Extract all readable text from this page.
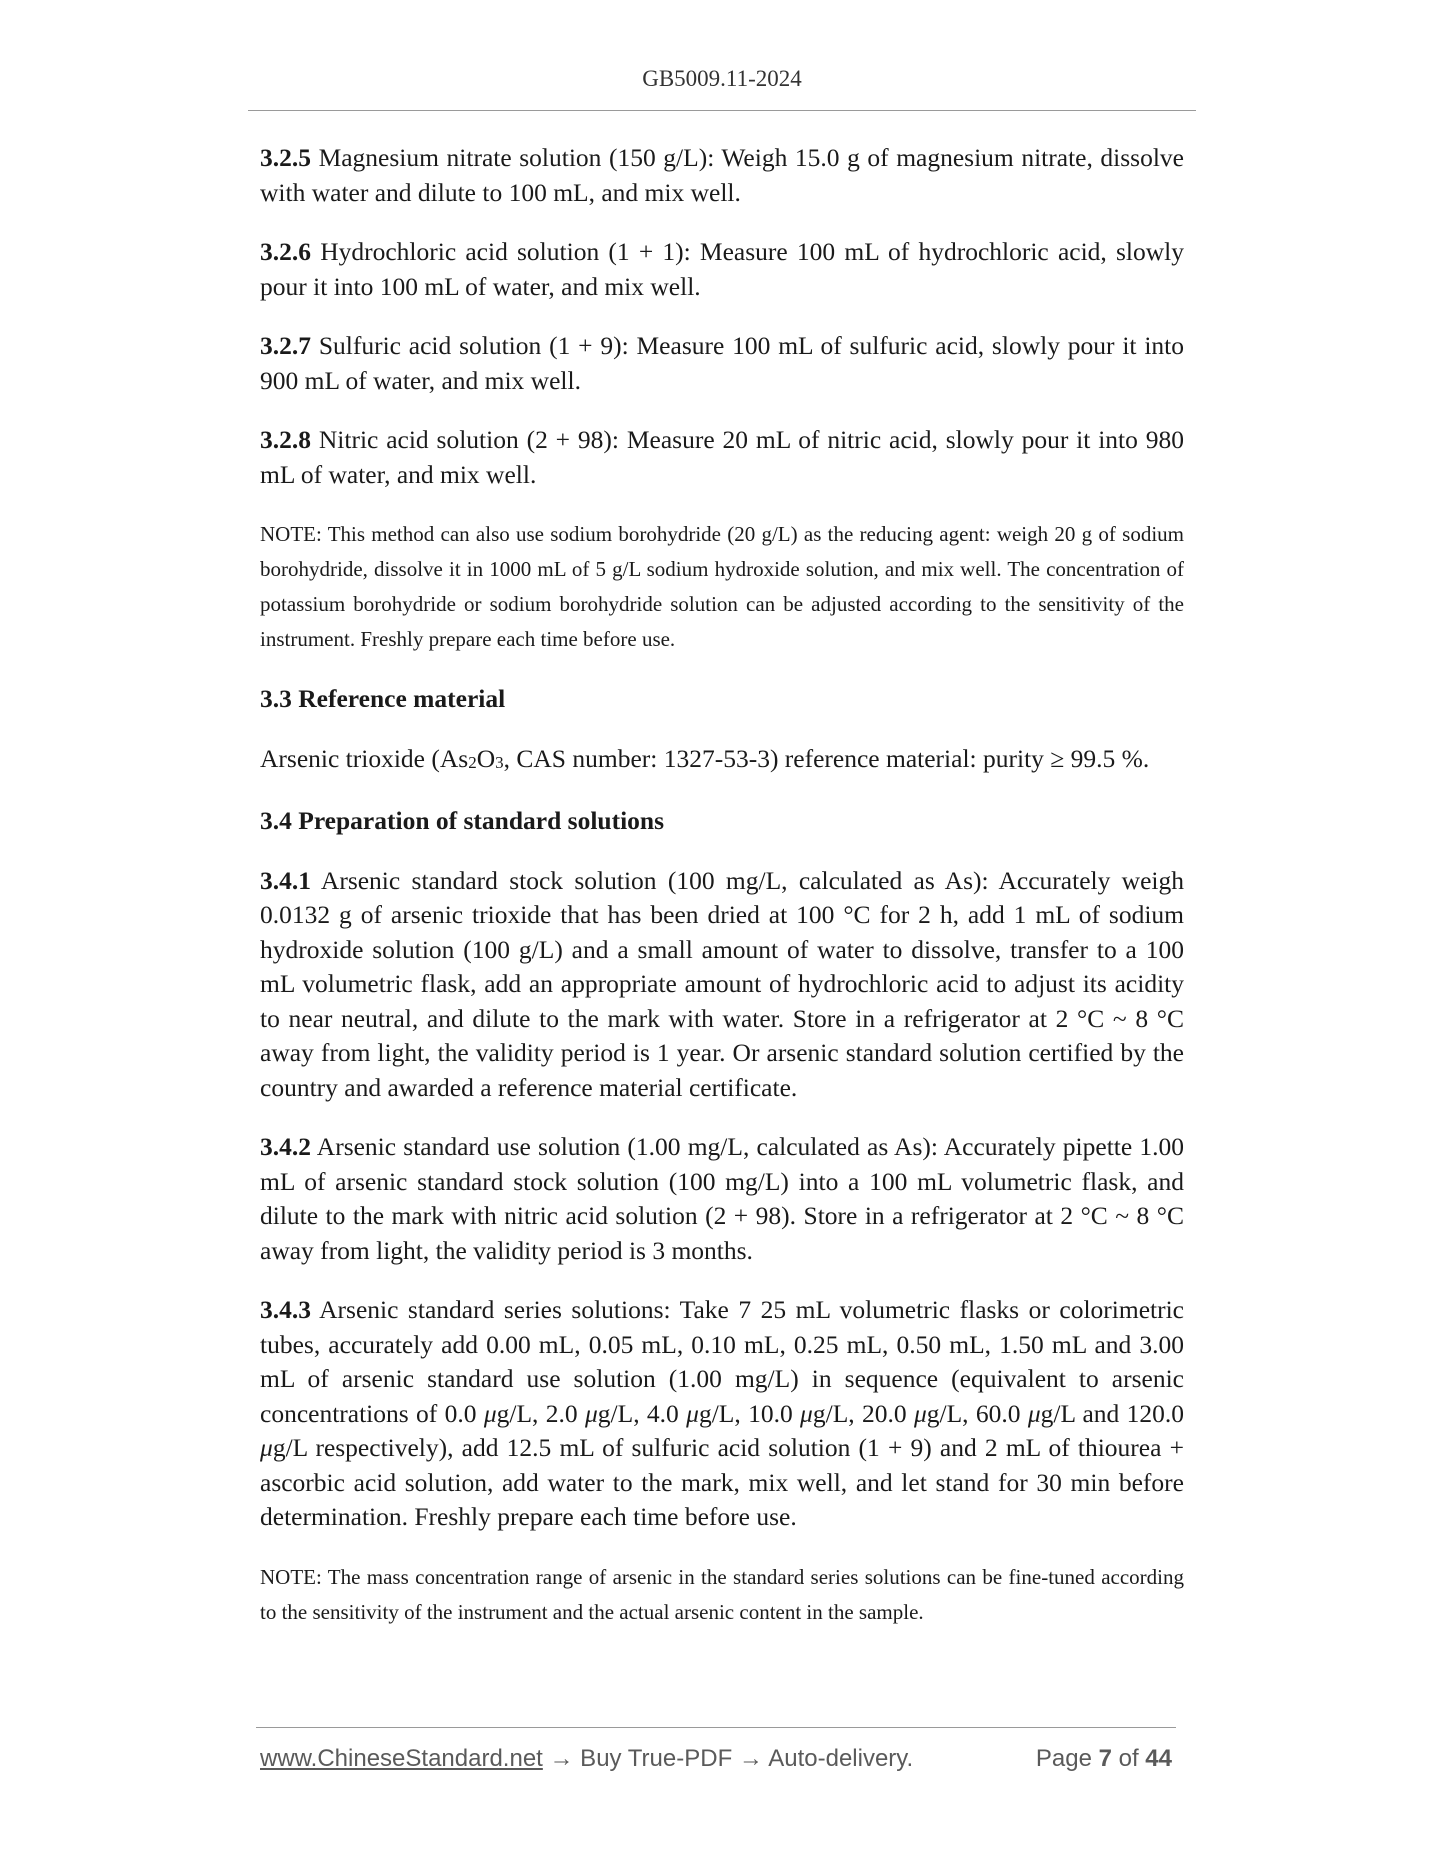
GB5009.11-2024

3.2.5 Magnesium nitrate solution (150 g/L): Weigh 15.0 g of magnesium nitrate, dissolve with water and dilute to 100 mL, and mix well.

3.2.6 Hydrochloric acid solution (1 + 1): Measure 100 mL of hydrochloric acid, slowly pour it into 100 mL of water, and mix well.

3.2.7 Sulfuric acid solution (1 + 9): Measure 100 mL of sulfuric acid, slowly pour it into 900 mL of water, and mix well.

3.2.8 Nitric acid solution (2 + 98): Measure 20 mL of nitric acid, slowly pour it into 980 mL of water, and mix well.

NOTE: This method can also use sodium borohydride (20 g/L) as the reducing agent: weigh 20 g of sodium borohydride, dissolve it in 1000 mL of 5 g/L sodium hydroxide solution, and mix well. The concentration of potassium borohydride or sodium borohydride solution can be adjusted according to the sensitivity of the instrument. Freshly prepare each time before use.

3.3 Reference material

Arsenic trioxide ($As_2O_3$, CAS number: 1327-53-3) reference material: purity ≥ 99.5 %.

3.4 Preparation of standard solutions

3.4.1 Arsenic standard stock solution (100 mg/L, calculated as As): Accurately weigh 0.0132 g of arsenic trioxide that has been dried at 100 °C for 2 h, add 1 mL of sodium hydroxide solution (100 g/L) and a small amount of water to dissolve, transfer to a 100 mL volumetric flask, add an appropriate amount of hydrochloric acid to adjust its acidity to near neutral, and dilute to the mark with water. Store in a refrigerator at 2 °C ~ 8 °C away from light, the validity period is 1 year. Or arsenic standard solution certified by the country and awarded a reference material certificate.

3.4.2 Arsenic standard use solution (1.00 mg/L, calculated as As): Accurately pipette 1.00 mL of arsenic standard stock solution (100 mg/L) into a 100 mL volumetric flask, and dilute to the mark with nitric acid solution (2 + 98). Store in a refrigerator at 2 °C ~ 8 °C away from light, the validity period is 3 months.

3.4.3 Arsenic standard series solutions: Take 7 25 mL volumetric flasks or colorimetric tubes, accurately add 0.00 mL, 0.05 mL, 0.10 mL, 0.25 mL, 0.50 mL, 1.50 mL and 3.00 mL of arsenic standard use solution (1.00 mg/L) in sequence (equivalent to arsenic concentrations of 0.0 μg/L, 2.0 μg/L, 4.0 μg/L, 10.0 μg/L, 20.0 μg/L, 60.0 μg/L and 120.0 μg/L respectively), add 12.5 mL of sulfuric acid solution (1 + 9) and 2 mL of thiourea + ascorbic acid solution, add water to the mark, mix well, and let stand for 30 min before determination. Freshly prepare each time before use.

NOTE: The mass concentration range of arsenic in the standard series solutions can be fine-tuned according to the sensitivity of the instrument and the actual arsenic content in the sample.

www.ChineseStandard.net → Buy True-PDF → Auto-delivery.	Page 7 of 44
